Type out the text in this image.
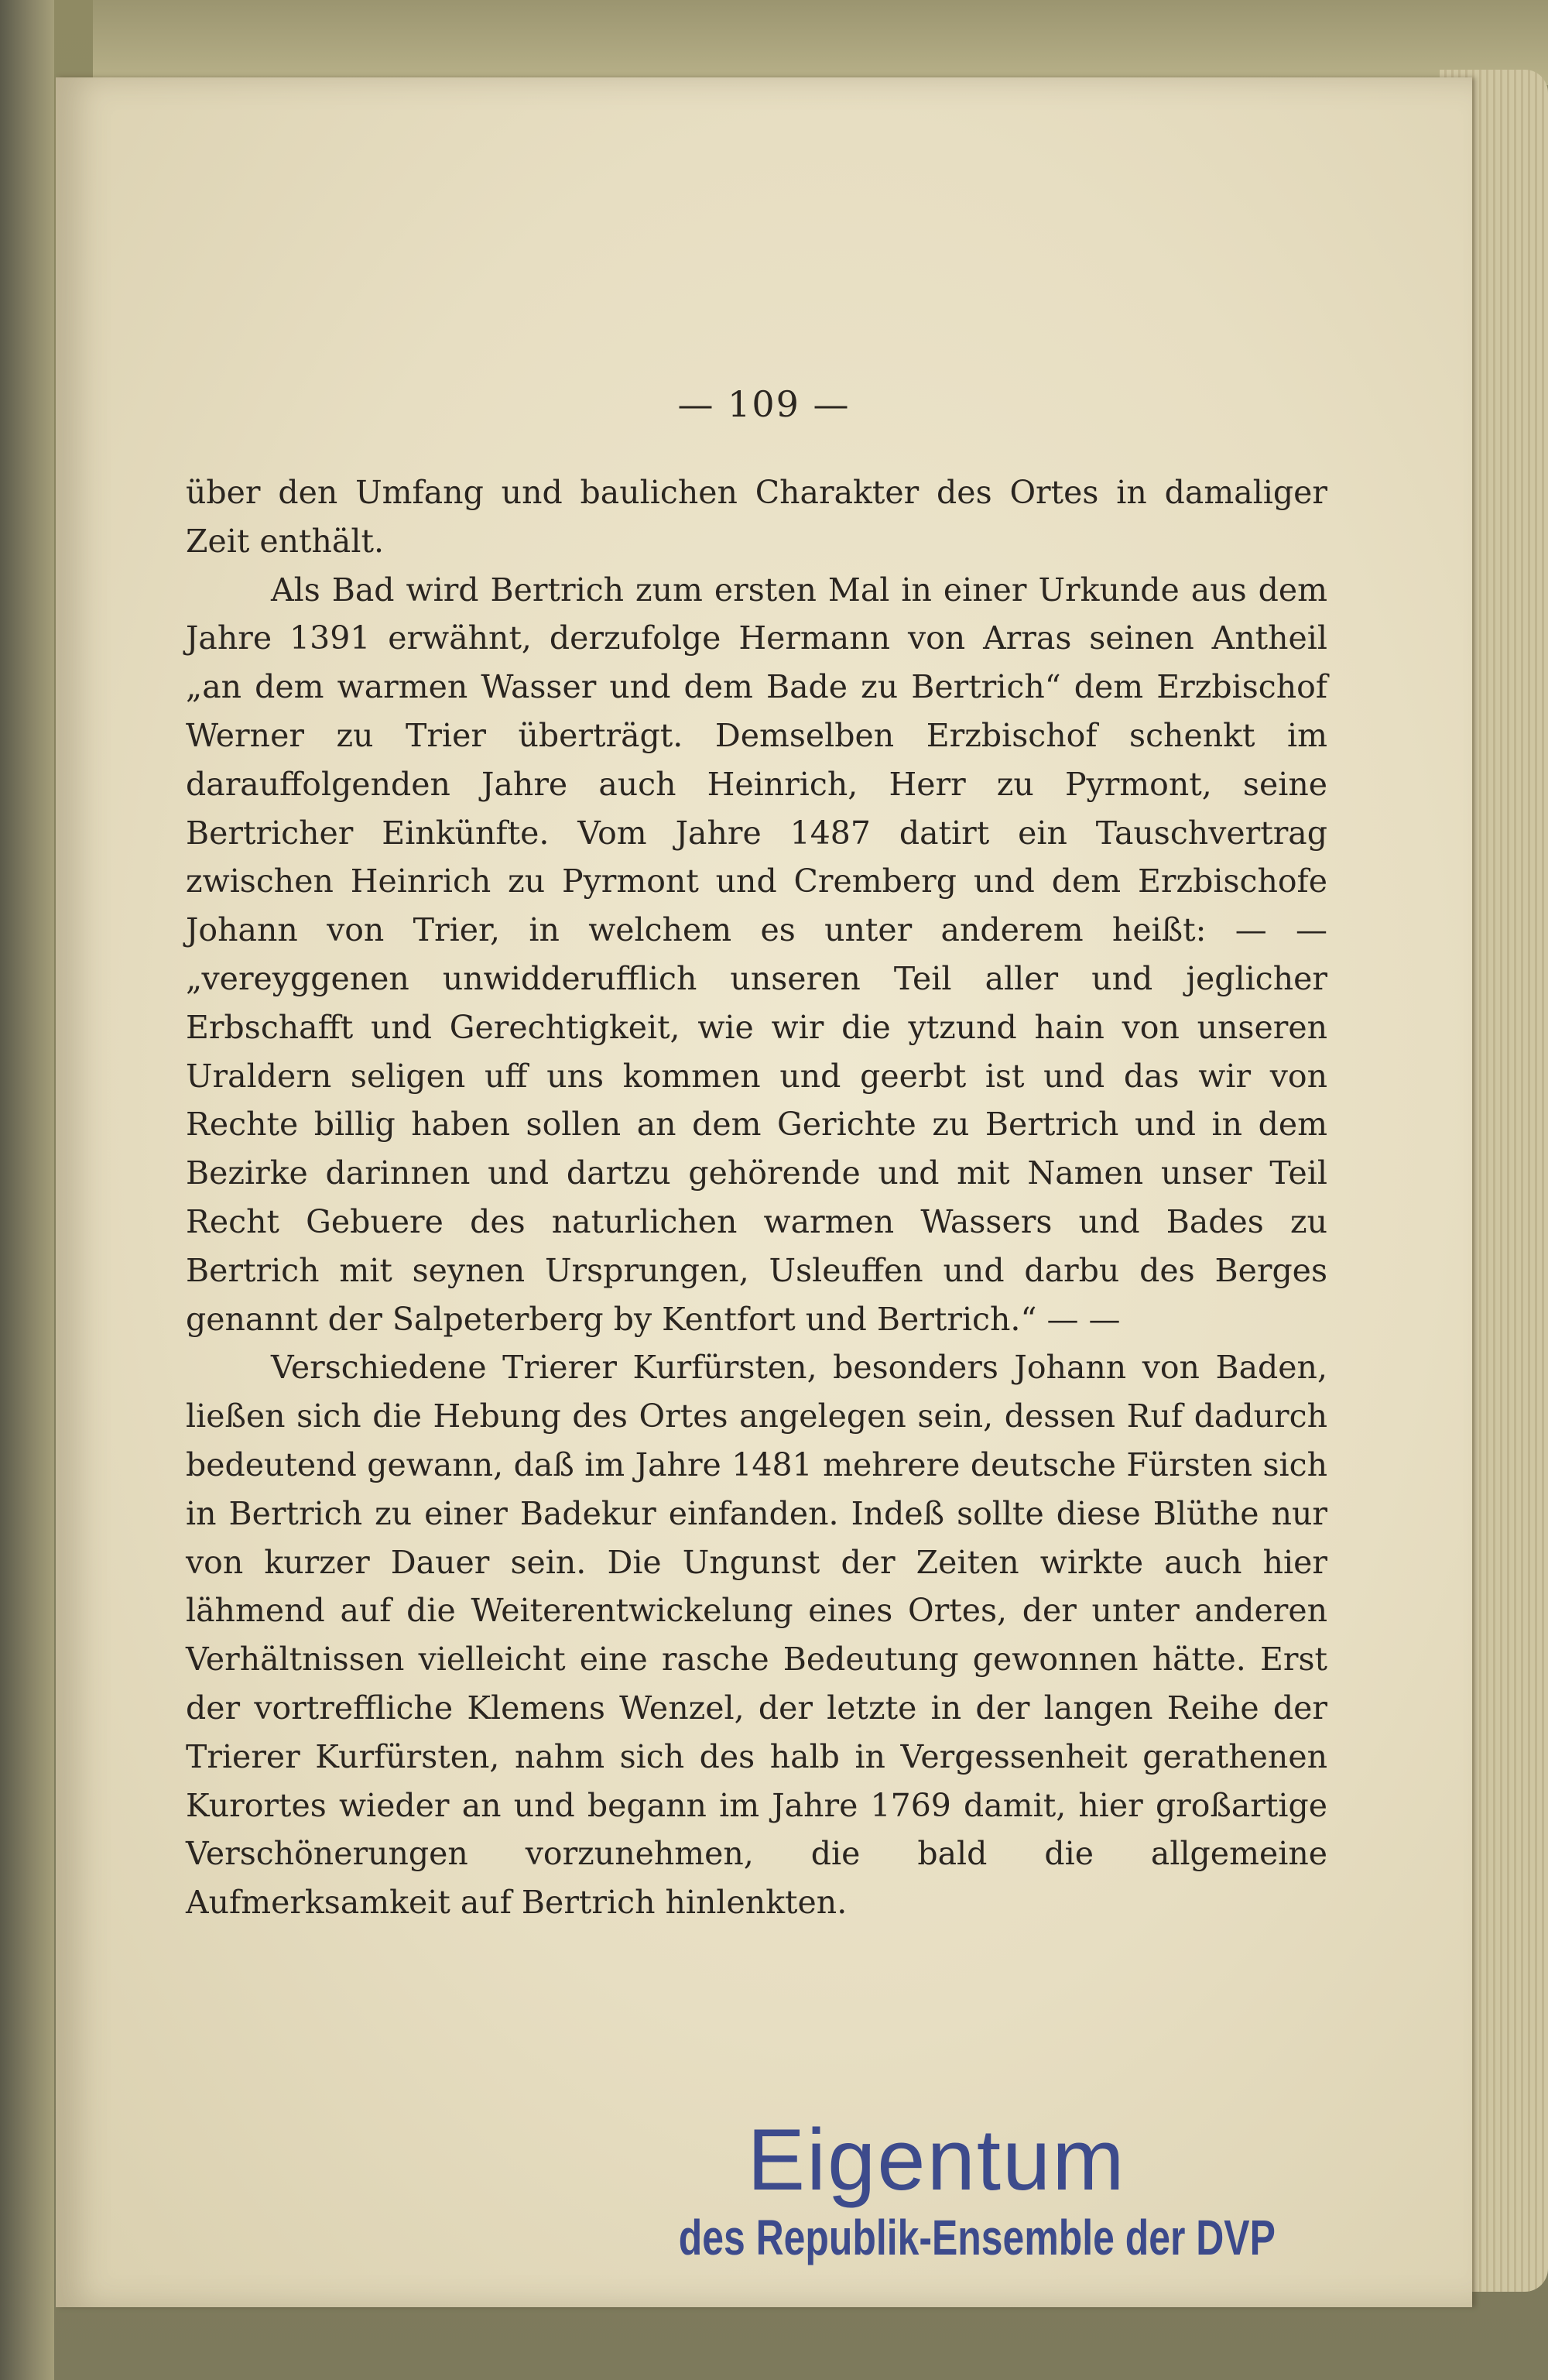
— 109 —

über den Umfang und baulichen Charakter des Ortes in damaliger Zeit enthält.

Als Bad wird Bertrich zum ersten Mal in einer Urkunde aus dem Jahre 1391 erwähnt, derzufolge Hermann von Arras seinen Antheil „an dem warmen Wasser und dem Bade zu Bertrich“ dem Erzbischof Werner zu Trier überträgt. Demselben Erzbischof schenkt im darauffolgenden Jahre auch Heinrich, Herr zu Pyrmont, seine Bertricher Einkünfte. Vom Jahre 1487 datirt ein Tauschvertrag zwischen Heinrich zu Pyrmont und Cremberg und dem Erzbischofe Johann von Trier, in welchem es unter anderem heißt: — — „vereyggenen unwidderufflich unseren Teil aller und jeglicher Erbschafft und Gerechtigkeit, wie wir die ytzund hain von unseren Uraldern seligen uff uns kommen und geerbt ist und das wir von Rechte billig haben sollen an dem Gerichte zu Bertrich und in dem Bezirke darinnen und dartzu gehörende und mit Namen unser Teil Recht Gebuere des naturlichen warmen Wassers und Bades zu Bertrich mit seynen Ursprungen, Usleuffen und darbu des Berges genannt der Salpeterberg by Kentfort und Bertrich.“ — —

Verschiedene Trierer Kurfürsten, besonders Johann von Baden, ließen sich die Hebung des Ortes angelegen sein, dessen Ruf dadurch bedeutend gewann, daß im Jahre 1481 mehrere deutsche Fürsten sich in Bertrich zu einer Badekur einfanden. Indeß sollte diese Blüthe nur von kurzer Dauer sein. Die Ungunst der Zeiten wirkte auch hier lähmend auf die Weiterentwickelung eines Ortes, der unter anderen Verhältnissen vielleicht eine rasche Bedeutung gewonnen hätte. Erst der vortreffliche Klemens Wenzel, der letzte in der langen Reihe der Trierer Kurfürsten, nahm sich des halb in Vergessenheit gerathenen Kurortes wieder an und begann im Jahre 1769 damit, hier großartige Verschönerungen vorzunehmen, die bald die allgemeine Aufmerksamkeit auf Bertrich hinlenkten.

Eigentum
des Republik-Ensemble der DVP
